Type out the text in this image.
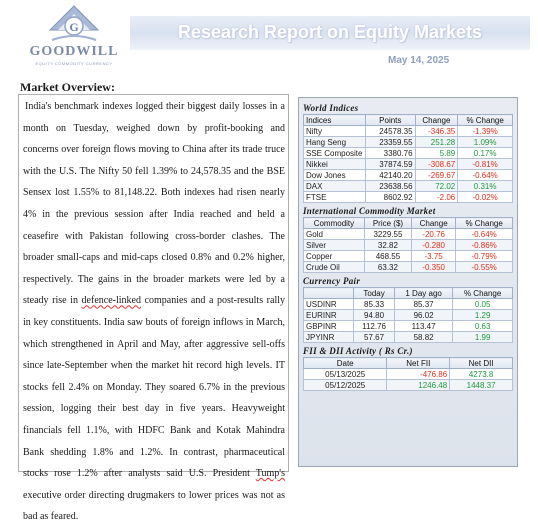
G
GOODWILL
EQUITY COMMODITY CURRENCY
Research Report on Equity Markets
May 14, 2025
Market Overview:

India's benchmark indexes logged their biggest daily losses in a month on Tuesday, weighed down by profit-booking and concerns over foreign flows moving to China after its trade truce with the U.S. The Nifty 50 fell 1.39% to 24,578.35 and the BSE Sensex lost 1.55% to 81,148.22. Both indexes had risen nearly 4% in the previous session after India reached and held a ceasefire with Pakistan following cross-border clashes. The broader small-caps and mid-caps closed 0.8% and 0.2% higher, respectively. The gains in the broader markets were led by a steady rise in defence-linked companies and a post-results rally in key constituents. India saw bouts of foreign inflows in March, which strengthened in April and May, after aggressive sell-offs since late-September when the market hit record high levels. IT stocks fell 2.4% on Monday. They soared 6.7% in the previous session, logging their best day in five years. Heavyweight financials fell 1.1%, with HDFC Bank and Kotak Mahindra Bank shedding 1.8% and 1.2%. In contrast, pharmaceutical stocks rose 1.2% after analysts said U.S. President Tump's executive order directing drugmakers to lower prices was not as bad as feared.

World Indices
Indices	Points	Change	% Change
Nifty	24578.35	-346.35	-1.39%
Hang Seng	23359.55	251.28	1.09%
SSE Composite	3380.76	5.89	0.17%
Nikkei	37874.59	-308.67	-0.81%
Dow Jones	42140.20	-269.67	-0.64%
DAX	23638.56	72.02	0.31%
FTSE	8602.92	-2.06	-0.02%
International Commodity Market
Commodity	Price ($)	Change	% Change
Gold	3229.55	-20.76	-0.64%
Silver	32.82	-0.280	-0.86%
Copper	468.55	-3.75	-0.79%
Crude Oil	63.32	-0.350	-0.55%
Currency Pair
	Today	1 Day ago	% Change
USDINR	85.33	85.37	0.05
EURINR	94.80	96.02	1.29
GBPINR	112.76	113.47	0.63
JPYINR	57.67	58.82	1.99
FII & DII Activity ( Rs Cr.)
Date	Net FII	Net DII
05/13/2025	-476.86	4273.8
05/12/2025	1246.48	1448.37
